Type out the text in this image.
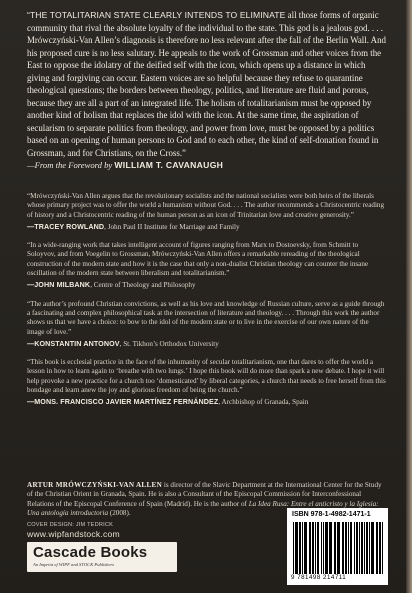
“THE TOTALITARIAN STATE CLEARLY INTENDS TO ELIMINATE all those forms of organic community that rival the absolute loyalty of the individual to the state. This god is a jealous god. . . . Mrówczyński-Van Allen’s diagnosis is therefore no less relevant after the fall of the Berlin Wall. And his proposed cure is no less salutary. He appeals to the work of Grossman and other voices from the East to oppose the idolatry of the deified self with the icon, which opens up a distance in which giving and forgiving can occur. Eastern voices are so helpful because they refuse to quarantine theological questions; the borders between theology, politics, and literature are fluid and porous, because they are all a part of an integrated life. The holism of totalitarianism must be opposed by another kind of holism that replaces the idol with the icon. At the same time, the aspiration of secularism to separate politics from theology, and power from love, must be opposed by a politics based on an opening of human persons to God and to each other, the kind of self-donation found in Grossman, and for Christians, on the Cross.”
—From the Foreword by WILLIAM T. CAVANAUGH

“Mrówczyński-Van Allen argues that the revolutionary socialists and the national socialists were both heirs of the liberals whose primary project was to offer the world a humanism without God. . . . The author recommends a Christocentric reading of history and a Christocentric reading of the human person as an icon of Trinitarian love and creative generosity.”

—TRACEY ROWLAND, John Paul II Institute for Marriage and Family

“In a wide-ranging work that takes intelligent account of figures ranging from Marx to Dostoevsky, from Schmitt to Soloyvov, and from Voegelin to Grossman, Mrówczyński-Van Allen offers a remarkable rereading of the theological construction of the modern state and how it is the case that only a non-dualist Christian theology can counter the insane oscillation of the modern state between liberalism and totalitarianism.”

—JOHN MILBANK, Centre of Theology and Philosophy

“The author’s profound Christian convictions, as well as his love and knowledge of Russian culture, serve as a guide through a fascinating and complex philosophical task at the intersection of literature and theology. . . . Through this work the author shows us that we have a choice: to bow to the idol of the modern state or to live in the exercise of our own nature of the image of love.”

—KONSTANTIN ANTONOV, St. Tikhon’s Orthodox University

“This book is ecclesial practice in the face of the inhumanity of secular totalitarianism, one that dares to offer the world a lesson in how to learn again to ‘breathe with two lungs.’ I hope this book will do more than spark a new debate. I hope it will help provoke a new practice for a church too ‘domesticated’ by liberal categories, a church that needs to free herself from this bondage and learn anew the joy and glorious freedom of being the church.”

—MONS. FRANCISCO JAVIER MARTÍNEZ FERNÁNDEZ, Archbishop of Granada, Spain

ARTUR MRÓWCZYŃSKI-VAN ALLEN is director of the Slavic Department at the International Center for the Study of the Christian Orient in Granada, Spain. He is also a Consultant of the Episcopal Commission for Interconfessional Relations of the Episcopal Conference of Spain (Madrid). He is the author of La Idea Rusa: Entre el anticristo y la Iglesia: Una antología introductoria (2008).
COVER DESIGN: JIM TEDRICK
www.wipfandstock.com
Cascade Books
An Imprint of WIPF and STOCK Publishers
ISBN 978-1-4982-1471-1
9 781498 214711
